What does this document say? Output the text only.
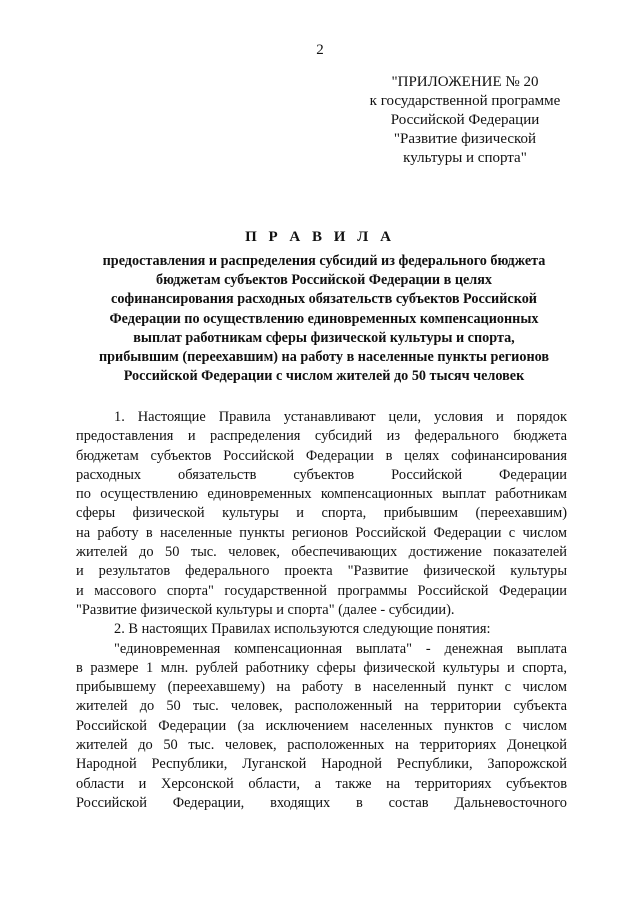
2
"ПРИЛОЖЕНИЕ № 20
к государственной программе
Российской Федерации
"Развитие физической
культуры и спорта"
П Р А В И Л А
предоставления и распределения субсидий из федерального бюджета
бюджетам субъектов Российской Федерации в целях
софинансирования расходных обязательств субъектов Российской
Федерации по осуществлению единовременных компенсационных
выплат работникам сферы физической культуры и спорта,
прибывшим (переехавшим) на работу в населенные пункты регионов
Российской Федерации с числом жителей до 50 тысяч человек
1. Настоящие Правила устанавливают цели, условия и порядок
предоставления и распределения субсидий из федерального бюджета
бюджетам субъектов Российской Федерации в целях софинансирования
расходных обязательств субъектов Российской Федерации
по осуществлению единовременных компенсационных выплат работникам
сферы физической культуры и спорта, прибывшим (переехавшим)
на работу в населенные пункты регионов Российской Федерации с числом
жителей до 50 тыс. человек, обеспечивающих достижение показателей
и результатов федерального проекта "Развитие физической культуры
и массового спорта" государственной программы Российской Федерации
"Развитие физической культуры и спорта" (далее - субсидии).
2. В настоящих Правилах используются следующие понятия:
"единовременная компенсационная выплата" - денежная выплата
в размере 1 млн. рублей работнику сферы физической культуры и спорта,
прибывшему (переехавшему) на работу в населенный пункт с числом
жителей до 50 тыс. человек, расположенный на территории субъекта
Российской Федерации (за исключением населенных пунктов с числом
жителей до 50 тыс. человек, расположенных на территориях Донецкой
Народной Республики, Луганской Народной Республики, Запорожской
области и Херсонской области, а также на территориях субъектов
Российской Федерации, входящих в состав Дальневосточного
